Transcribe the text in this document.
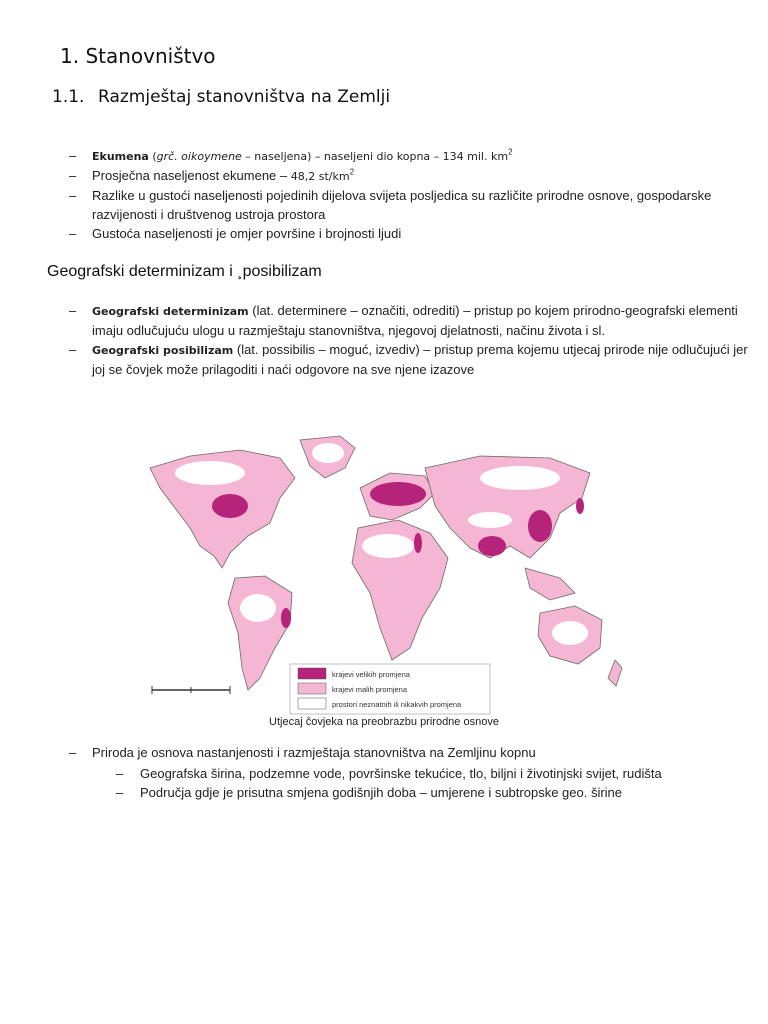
1. Stanovništvo
1.1. Razmještaj stanovništva na Zemlji
– Ekumena (grč. oikoymene – naseljena) – naseljeni dio kopna – 134 mil. $km^2$
– Prosječna naseljenost ekumene – 48,2 $st/km^2$
– Razlike u gustoći naseljenosti pojedinih dijelova svijeta posljedica su različite prirodne osnove, gospodarske razvijenosti i društvenog ustroja prostora
– Gustoća naseljenosti je omjer površine i brojnosti ljudi
Geografski determinizam i ¸posibilizam
– Geografski determinizam (lat. determinere – označiti, odrediti) – pristup po kojem prirodno-geografski elementi imaju odlučujuću ulogu u razmještaju stanovništva, njegovoj djelatnosti, načinu života i sl.
– Geografski posibilizam (lat. possibilis – moguć, izvediv) – pristup prema kojemu utjecaj prirode nije odlučujući jer joj se čovjek može prilagoditi i naći odgovore na sve njene izazove
krajevi velikih promjena
krajevi malih promjena
prostori neznatnih ili nikakvih promjena
Utjecaj čovjeka na preobrazbu prirodne osnove
– Priroda je osnova nastanjenosti i razmještaja stanovništva na Zemljinu kopnu
– Geografska širina, podzemne vode, površinske tekućice, tlo, biljni i životinjski svijet, rudišta
– Područja gdje je prisutna smjena godišnjih doba – umjerene i subtropske geo. širine
